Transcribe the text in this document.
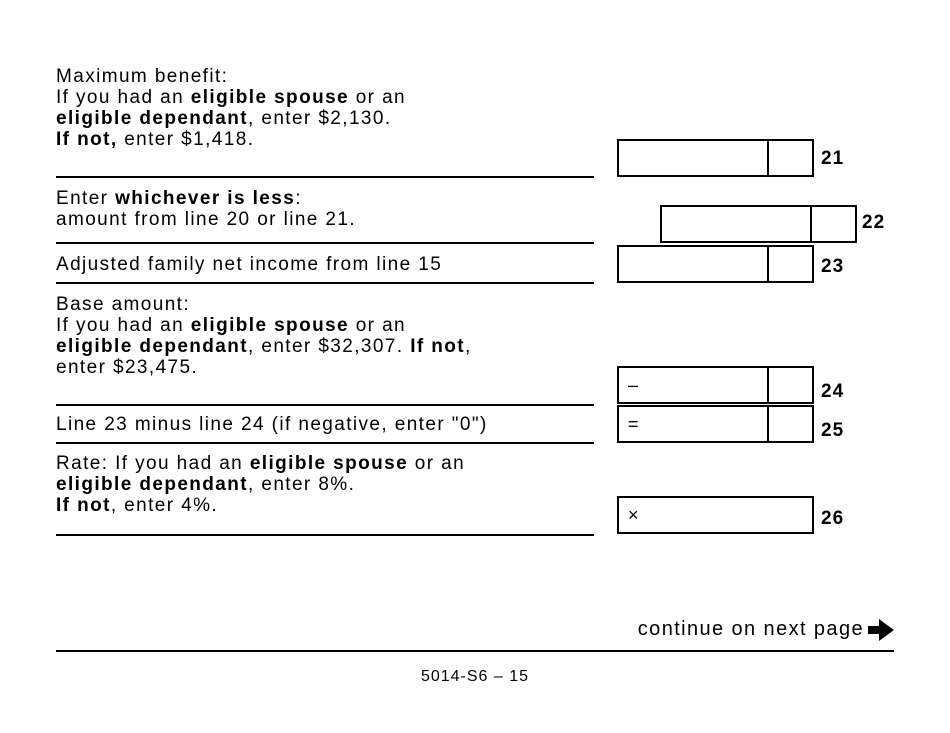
Maximum benefit:
If you had an eligible spouse or an
eligible dependant, enter $2,130.
If not, enter $1,418.
21
Enter whichever is less:
amount from line 20 or line 21.	22
Adjusted family net income from line 15	23
Base amount:
If you had an eligible spouse or an
eligible dependant, enter $32,307. If not,
enter $23,475.
–	24
Line 23 minus line 24 (if negative, enter "0")	=	25
Rate: If you had an eligible spouse or an
eligible dependant, enter 8%.
If not, enter 4%.	×	26
continue on next page
5014-S6 – 15
